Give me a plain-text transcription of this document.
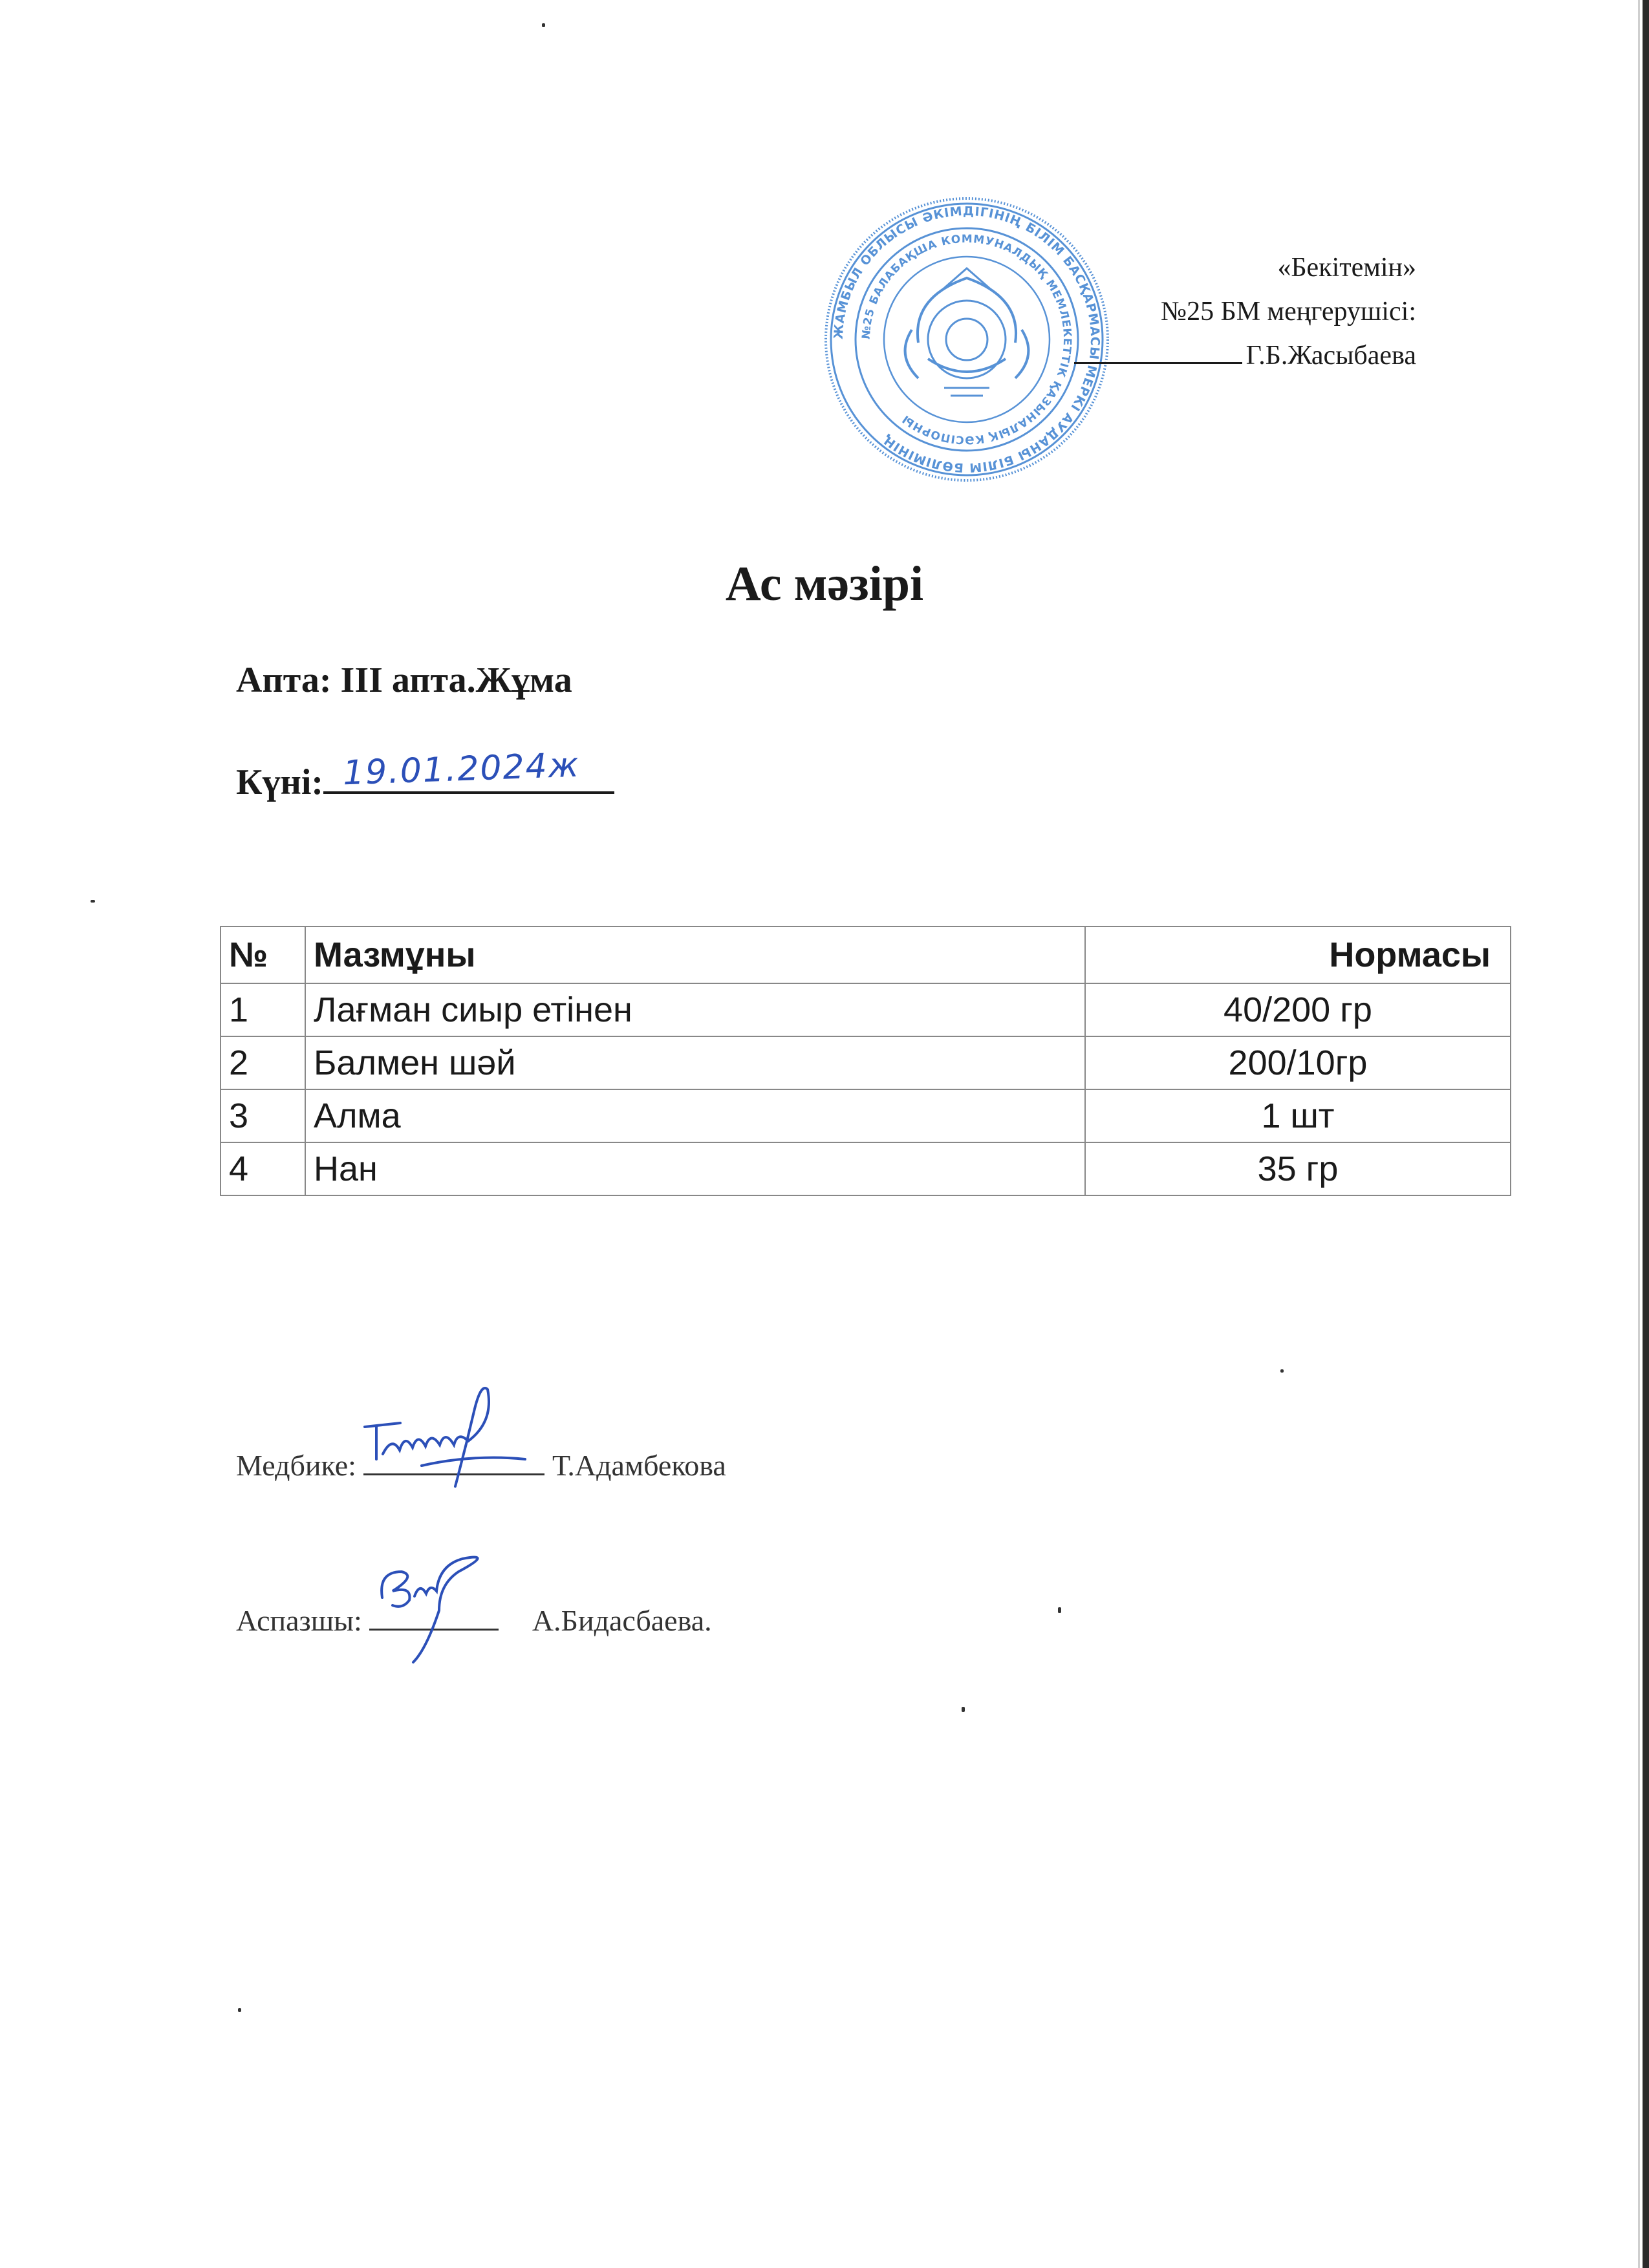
ЖАМБЫЛ ОБЛЫСЫ ӘКІМДІГІНІҢ БІЛІМ БАСҚАРМАСЫ МЕРКІ АУДАНЫ БІЛІМ БӨЛІМІНІҢ
№25 БАЛАБАҚША КОММУНАЛДЫҚ МЕМЛЕКЕТТІК ҚАЗЫНАЛЫҚ КӘСІПОРНЫ
«Бекітемін»
№25 БМ меңгерушісі:
Г.Б.Жасыбаева
Ас мәзірі
Апта: ІІІ апта.Жұма
Күні: 19.01.2024ж
№	Мазмұны	Нормасы
1	Лағман сиыр етінен	40/200 гр
2	Балмен шәй	200/10гр
3	Алма	1 шт
4	Нан	35 гр
Медбике:	Т.Адамбекова
Аспазшы:	А.Бидасбаева.
